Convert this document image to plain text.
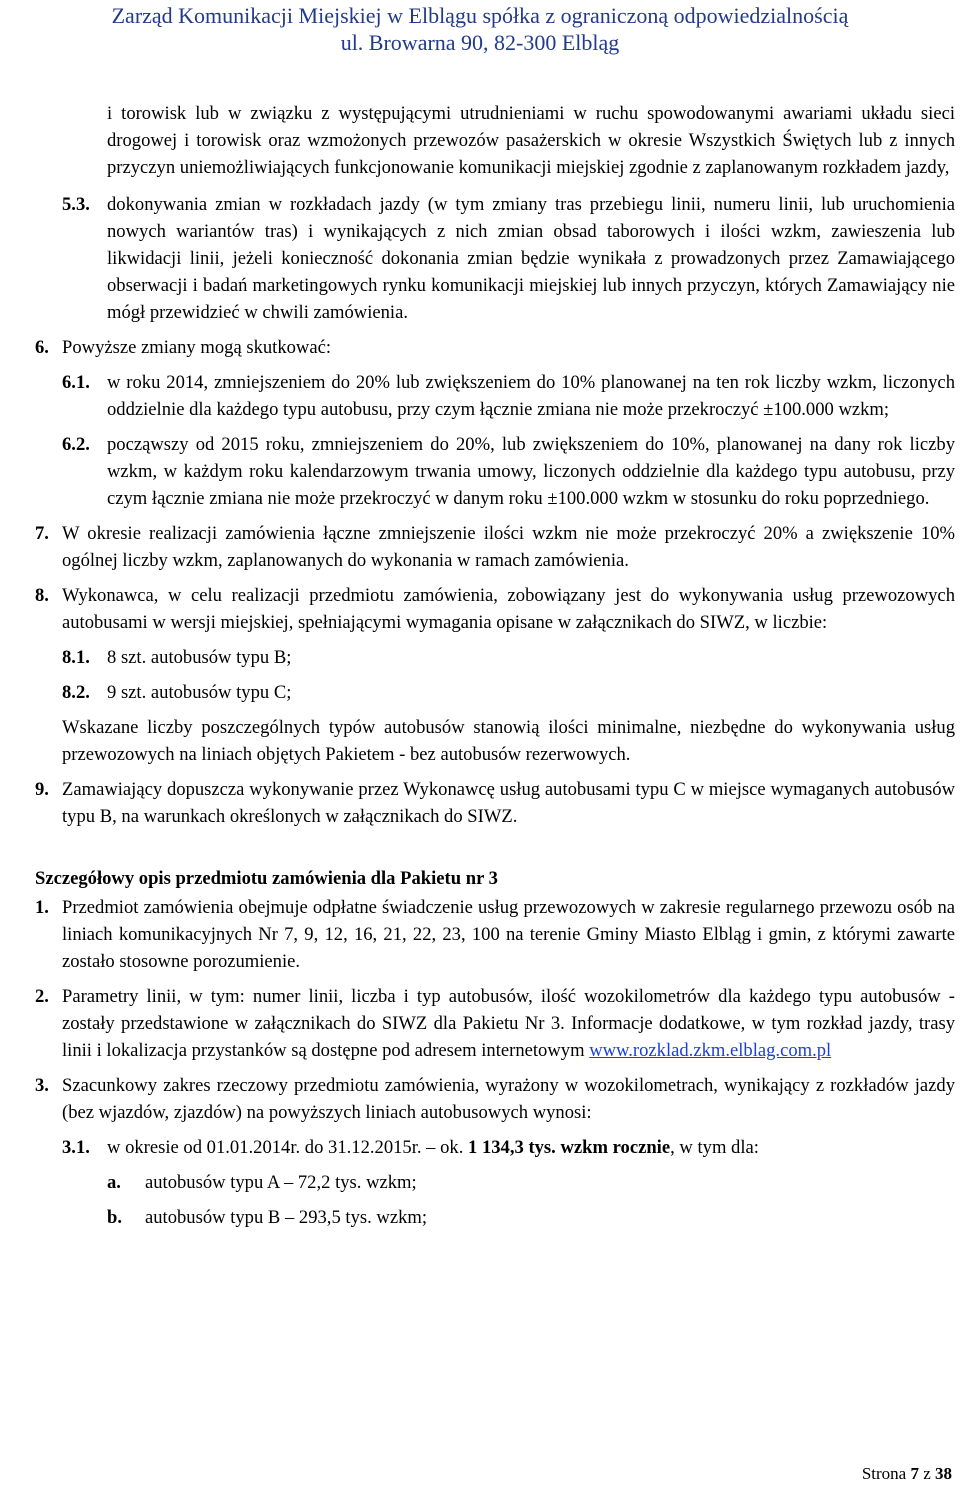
Zarząd Komunikacji Miejskiej w Elblągu spółka z ograniczoną odpowiedzialnością
ul. Browarna 90, 82-300 Elbląg
i torowisk lub w związku z występującymi utrudnieniami w ruchu spowodowanymi awariami układu sieci drogowej i torowisk oraz wzmożonych przewozów pasażerskich w okresie Wszystkich Świętych lub z innych przyczyn uniemożliwiających funkcjonowanie komunikacji miejskiej zgodnie z zaplanowanym rozkładem jazdy,
5.3. dokonywania zmian w rozkładach jazdy (w tym zmiany tras przebiegu linii, numeru linii, lub uruchomienia nowych wariantów tras) i wynikających z nich zmian obsad taborowych i ilości wzkm, zawieszenia lub likwidacji linii, jeżeli konieczność dokonania zmian będzie wynikała z prowadzonych przez Zamawiającego obserwacji i badań marketingowych rynku komunikacji miejskiej lub innych przyczyn, których Zamawiający nie mógł przewidzieć w chwili zamówienia.
6. Powyższe zmiany mogą skutkować:
6.1. w roku 2014, zmniejszeniem do 20% lub zwiększeniem do 10% planowanej na ten rok liczby wzkm, liczonych oddzielnie dla każdego typu autobusu, przy czym łącznie zmiana nie może przekroczyć ±100.000 wzkm;
6.2. począwszy od 2015 roku, zmniejszeniem do 20%, lub zwiększeniem do 10%, planowanej na dany rok liczby wzkm, w każdym roku kalendarzowym trwania umowy, liczonych oddzielnie dla każdego typu autobusu, przy czym łącznie zmiana nie może przekroczyć w danym roku ±100.000 wzkm w stosunku do roku poprzedniego.
7. W okresie realizacji zamówienia łączne zmniejszenie ilości wzkm nie może przekroczyć 20% a zwiększenie 10% ogólnej liczby wzkm, zaplanowanych do wykonania w ramach zamówienia.
8. Wykonawca, w celu realizacji przedmiotu zamówienia, zobowiązany jest do wykonywania usług przewozowych autobusami w wersji miejskiej, spełniającymi wymagania opisane w załącznikach do SIWZ, w liczbie:
8.1. 8 szt. autobusów typu B;
8.2. 9 szt. autobusów typu C;
Wskazane liczby poszczególnych typów autobusów stanowią ilości minimalne, niezbędne do wykonywania usług przewozowych na liniach objętych Pakietem - bez autobusów rezerwowych.
9. Zamawiający dopuszcza wykonywanie przez Wykonawcę usług autobusami typu C w miejsce wymaganych autobusów typu B, na warunkach określonych w załącznikach do SIWZ.
Szczegółowy opis przedmiotu zamówienia dla Pakietu nr 3
1. Przedmiot zamówienia obejmuje odpłatne świadczenie usług przewozowych w zakresie regularnego przewozu osób na liniach komunikacyjnych Nr 7, 9, 12, 16, 21, 22, 23, 100 na terenie Gminy Miasto Elbląg i gmin, z którymi zawarte zostało stosowne porozumienie.
2. Parametry linii, w tym: numer linii, liczba i typ autobusów, ilość wozokilometrów dla każdego typu autobusów - zostały przedstawione w załącznikach do SIWZ dla Pakietu Nr 3. Informacje dodatkowe, w tym rozkład jazdy, trasy linii i lokalizacja przystanków są dostępne pod adresem internetowym www.rozklad.zkm.elblag.com.pl
3. Szacunkowy zakres rzeczowy przedmiotu zamówienia, wyrażony w wozokilometrach, wynikający z rozkładów jazdy (bez wjazdów, zjazdów) na powyższych liniach autobusowych wynosi:
3.1. w okresie od 01.01.2014r. do 31.12.2015r. – ok. 1 134,3 tys. wzkm rocznie, w tym dla:
a.	autobusów typu A – 72,2 tys. wzkm;
b.	autobusów typu B – 293,5 tys. wzkm;
Strona 7 z 38
